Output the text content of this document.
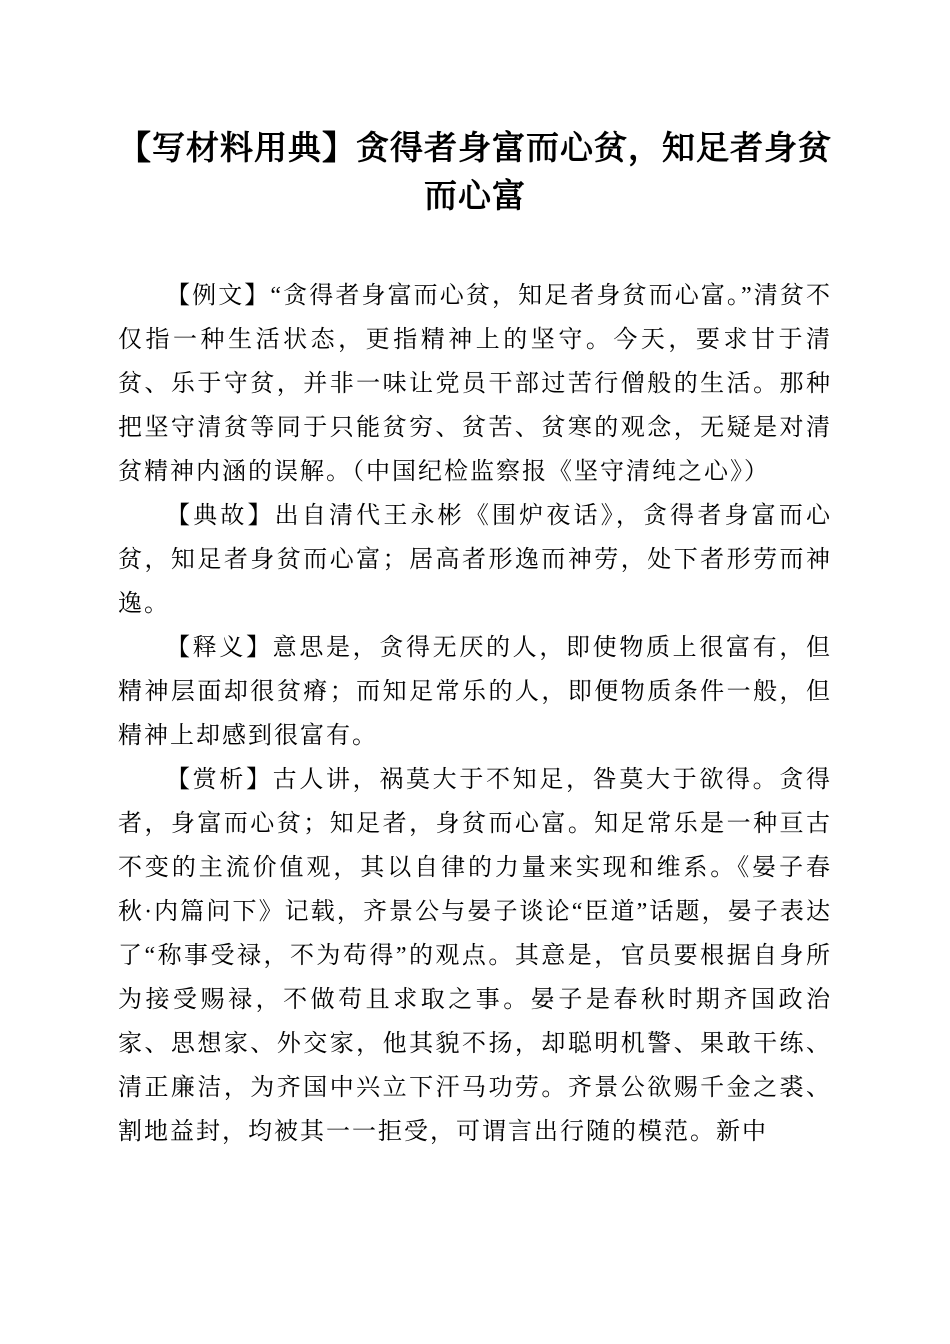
【写材料用典】贪得者身富而心贫，知足者身贫而心富

【例文】“贪得者身富而心贫，知足者身贫而心富。”清贫不仅指一种生活状态，更指精神上的坚守。今天，要求甘于清贫、乐于守贫，并非一味让党员干部过苦行僧般的生活。那种把坚守清贫等同于只能贫穷、贫苦、贫寒的观念，无疑是对清贫精神内涵的误解。（中国纪检监察报《坚守清纯之心》）

【典故】出自清代王永彬《围炉夜话》，贪得者身富而心贫，知足者身贫而心富；居高者形逸而神劳，处下者形劳而神逸。

【释义】意思是，贪得无厌的人，即使物质上很富有，但精神层面却很贫瘠；而知足常乐的人，即便物质条件一般，但精神上却感到很富有。

【赏析】古人讲，祸莫大于不知足，咎莫大于欲得。贪得者，身富而心贫；知足者，身贫而心富。知足常乐是一种亘古不变的主流价值观，其以自律的力量来实现和维系。《晏子春秋·内篇问下》记载，齐景公与晏子谈论“臣道”话题，晏子表达了“称事受禄，不为苟得”的观点。其意是，官员要根据自身所为接受赐禄，不做苟且求取之事。晏子是春秋时期齐国政治家、思想家、外交家，他其貌不扬，却聪明机警、果敢干练、清正廉洁，为齐国中兴立下汗马功劳。齐景公欲赐千金之裘、割地益封，均被其一一拒受，可谓言出行随的模范。新中
